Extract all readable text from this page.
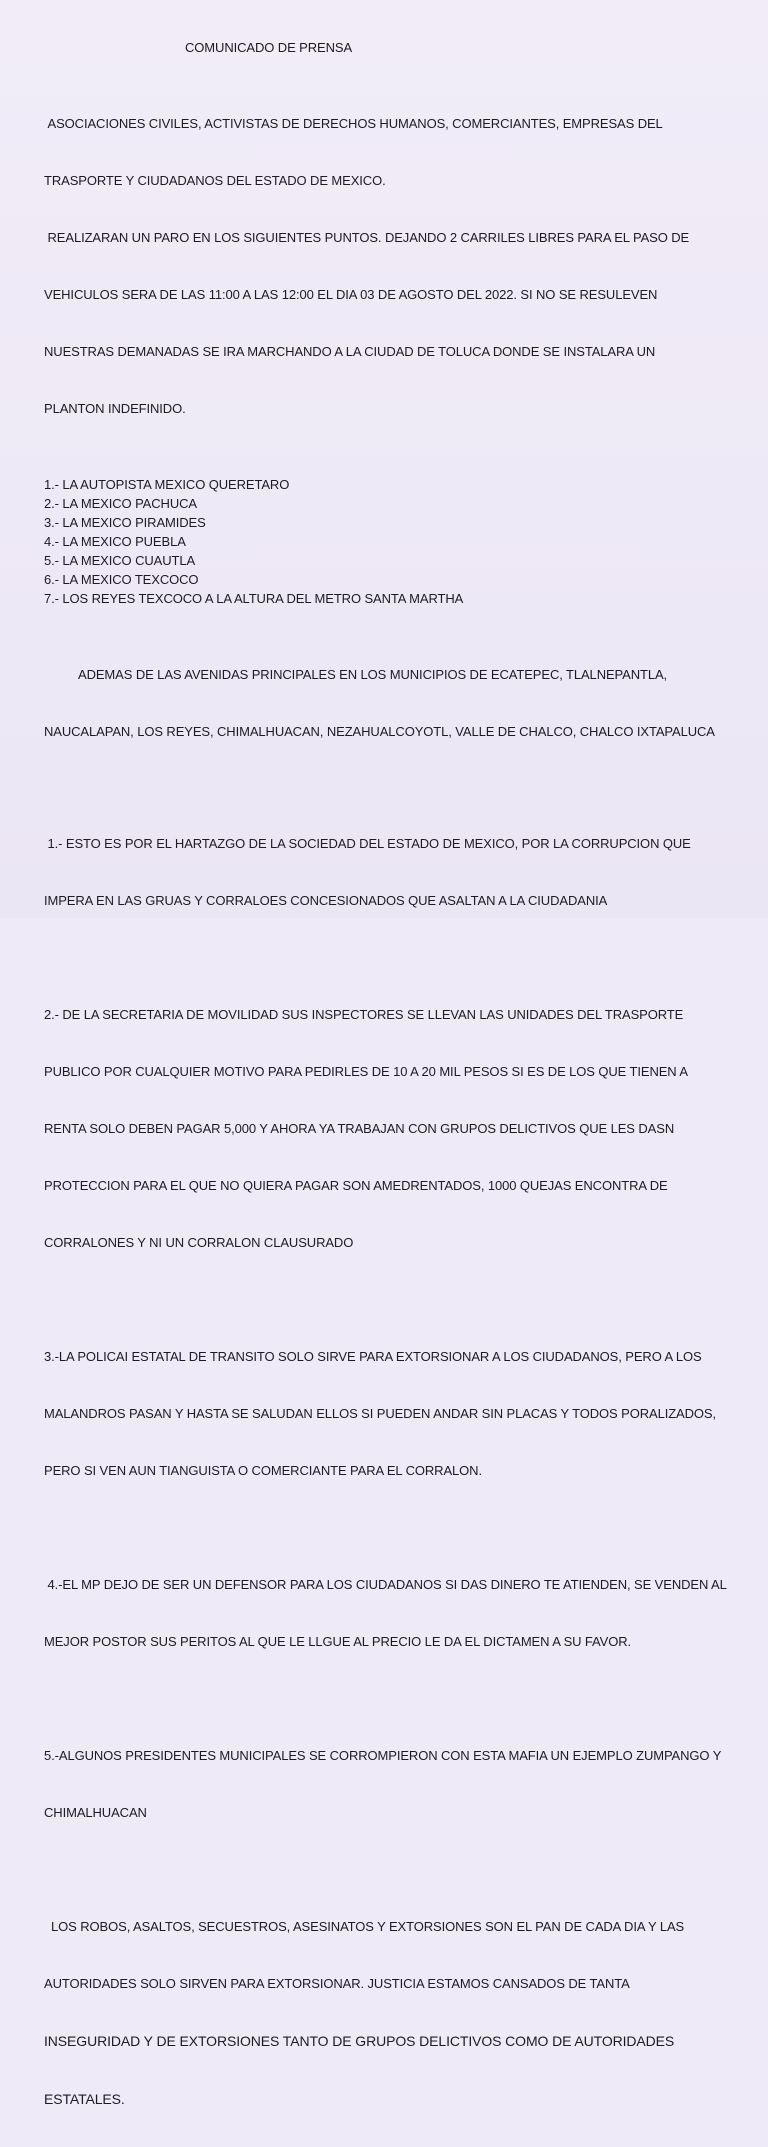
COMUNICADO DE PRENSA

ASOCIACIONES CIVILES, ACTIVISTAS DE DERECHOS HUMANOS, COMERCIANTES, EMPRESAS DEL

TRASPORTE Y CIUDADANOS DEL ESTADO DE MEXICO.

REALIZARAN UN PARO EN LOS SIGUIENTES PUNTOS. DEJANDO 2 CARRILES LIBRES PARA EL PASO DE

VEHICULOS SERA DE LAS 11:00 A LAS 12:00 EL DIA 03 DE AGOSTO DEL 2022. SI NO SE RESULEVEN

NUESTRAS DEMANADAS SE IRA MARCHANDO A LA CIUDAD DE TOLUCA DONDE SE INSTALARA UN

PLANTON INDEFINIDO.

1.- LA AUTOPISTA MEXICO QUERETARO
2.- LA MEXICO PACHUCA
3.- LA MEXICO PIRAMIDES
4.- LA MEXICO PUEBLA
5.- LA MEXICO CUAUTLA
6.- LA MEXICO TEXCOCO
7.- LOS REYES TEXCOCO A LA ALTURA DEL METRO SANTA MARTHA

ADEMAS DE LAS AVENIDAS PRINCIPALES EN LOS MUNICIPIOS DE ECATEPEC, TLALNEPANTLA,

NAUCALAPAN, LOS REYES, CHIMALHUACAN, NEZAHUALCOYOTL, VALLE DE CHALCO, CHALCO IXTAPALUCA

1.- ESTO ES POR EL HARTAZGO DE LA SOCIEDAD DEL ESTADO DE MEXICO, POR LA CORRUPCION QUE

IMPERA EN LAS GRUAS Y CORRALOES CONCESIONADOS QUE ASALTAN A LA CIUDADANIA

2.- DE LA SECRETARIA DE MOVILIDAD SUS INSPECTORES SE LLEVAN LAS UNIDADES DEL TRASPORTE

PUBLICO POR CUALQUIER MOTIVO PARA PEDIRLES DE 10 A 20 MIL PESOS SI ES DE LOS QUE TIENEN A

RENTA SOLO DEBEN PAGAR 5,000 Y AHORA YA TRABAJAN CON GRUPOS DELICTIVOS QUE LES DASN

PROTECCION PARA EL QUE NO QUIERA PAGAR SON AMEDRENTADOS, 1000 QUEJAS ENCONTRA DE

CORRALONES Y NI UN CORRALON CLAUSURADO

3.-LA POLICAI ESTATAL DE TRANSITO SOLO SIRVE PARA EXTORSIONAR A LOS CIUDADANOS, PERO A LOS

MALANDROS PASAN Y HASTA SE SALUDAN ELLOS SI PUEDEN ANDAR SIN PLACAS Y TODOS PORALIZADOS,

PERO SI VEN AUN TIANGUISTA O COMERCIANTE PARA EL CORRALON.

4.-EL MP DEJO DE SER UN DEFENSOR PARA LOS CIUDADANOS SI DAS DINERO TE ATIENDEN, SE VENDEN AL

MEJOR POSTOR SUS PERITOS AL QUE LE LLGUE AL PRECIO LE DA EL DICTAMEN A SU FAVOR.

5.-ALGUNOS PRESIDENTES MUNICIPALES SE CORROMPIERON CON ESTA MAFIA UN EJEMPLO ZUMPANGO Y

CHIMALHUACAN

LOS ROBOS, ASALTOS, SECUESTROS, ASESINATOS Y EXTORSIONES SON EL PAN DE CADA DIA Y LAS

AUTORIDADES SOLO SIRVEN PARA EXTORSIONAR. JUSTICIA ESTAMOS CANSADOS DE TANTA

INSEGURIDAD Y DE EXTORSIONES TANTO DE GRUPOS DELICTIVOS COMO DE AUTORIDADES

ESTATALES.
